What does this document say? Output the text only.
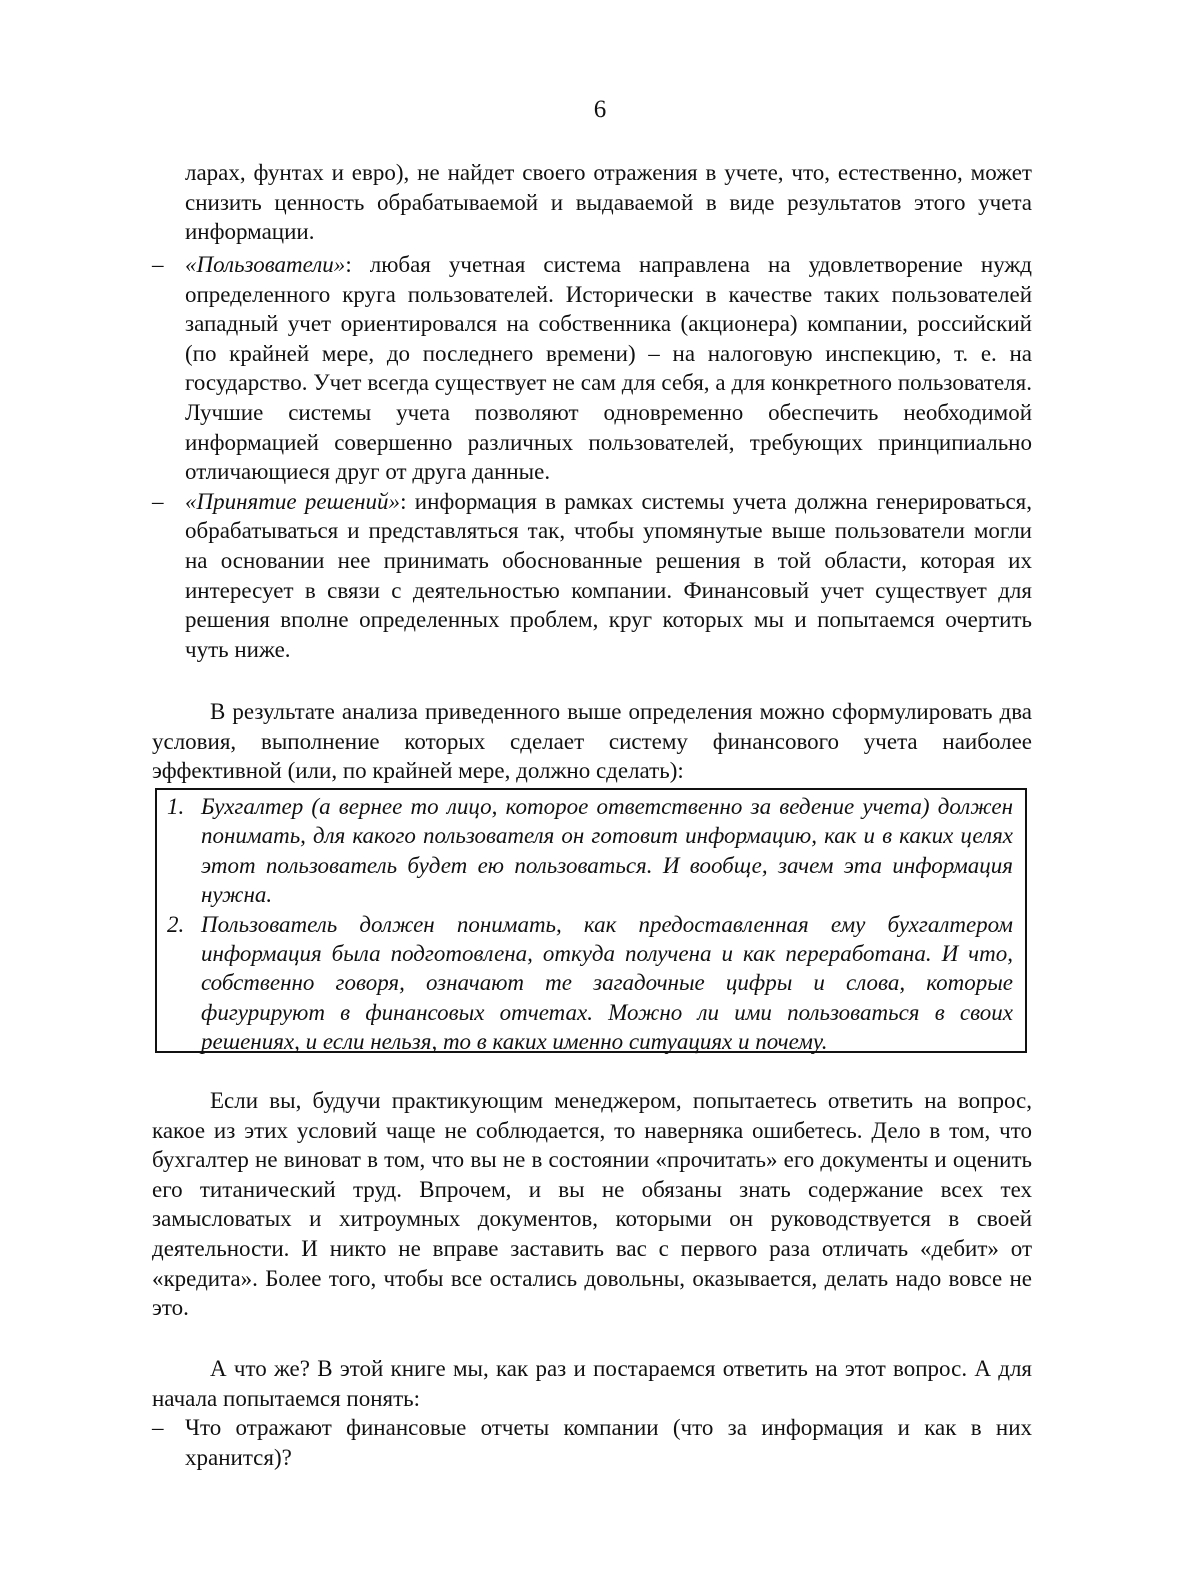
6

ларах, фунтах и евро), не найдет своего отражения в учете, что, естественно, может снизить ценность обрабатываемой и выдаваемой в виде результатов этого учета информации.

– «Пользователи»: любая учетная система направлена на удовлетворение нужд определенного круга пользователей. Исторически в качестве таких пользователей западный учет ориентировался на собственника (акционера) компании, российский (по крайней мере, до последнего времени) – на налоговую инспекцию, т. е. на государство. Учет всегда существует не сам для себя, а для конкретного пользователя. Лучшие системы учета позволяют одновременно обеспечить необходимой информацией совершенно различных пользователей, требующих принципиально отличающиеся друг от друга данные.

– «Принятие решений»: информация в рамках системы учета должна генерироваться, обрабатываться и представляться так, чтобы упомянутые выше пользователи могли на основании нее принимать обоснованные решения в той области, которая их интересует в связи с деятельностью компании. Финансовый учет существует для решения вполне определенных проблем, круг которых мы и попытаемся очертить чуть ниже.

В результате анализа приведенного выше определения можно сформулировать два условия, выполнение которых сделает систему финансового учета наиболее эффективной (или, по крайней мере, должно сделать):

1. Бухгалтер (а вернее то лицо, которое ответственно за ведение учета) должен понимать, для какого пользователя он готовит информацию, как и в каких целях этот пользователь будет ею пользоваться. И вообще, зачем эта информация нужна.

2. Пользователь должен понимать, как предоставленная ему бухгалтером информация была подготовлена, откуда получена и как переработана. И что, собственно говоря, означают те загадочные цифры и слова, которые фигурируют в финансовых отчетах. Можно ли ими пользоваться в своих решениях, и если нельзя, то в каких именно ситуациях и почему.

Если вы, будучи практикующим менеджером, попытаетесь ответить на вопрос, какое из этих условий чаще не соблюдается, то наверняка ошибетесь. Дело в том, что бухгалтер не виноват в том, что вы не в состоянии «прочитать» его документы и оценить его титанический труд. Впрочем, и вы не обязаны знать содержание всех тех замысловатых и хитроумных документов, которыми он руководствуется в своей деятельности. И никто не вправе заставить вас с первого раза отличать «дебит» от «кредита». Более того, чтобы все остались довольны, оказывается, делать надо вовсе не это.

А что же? В этой книге мы, как раз и постараемся ответить на этот вопрос. А для начала попытаемся понять:

– Что отражают финансовые отчеты компании (что за информация и как в них хранится)?
